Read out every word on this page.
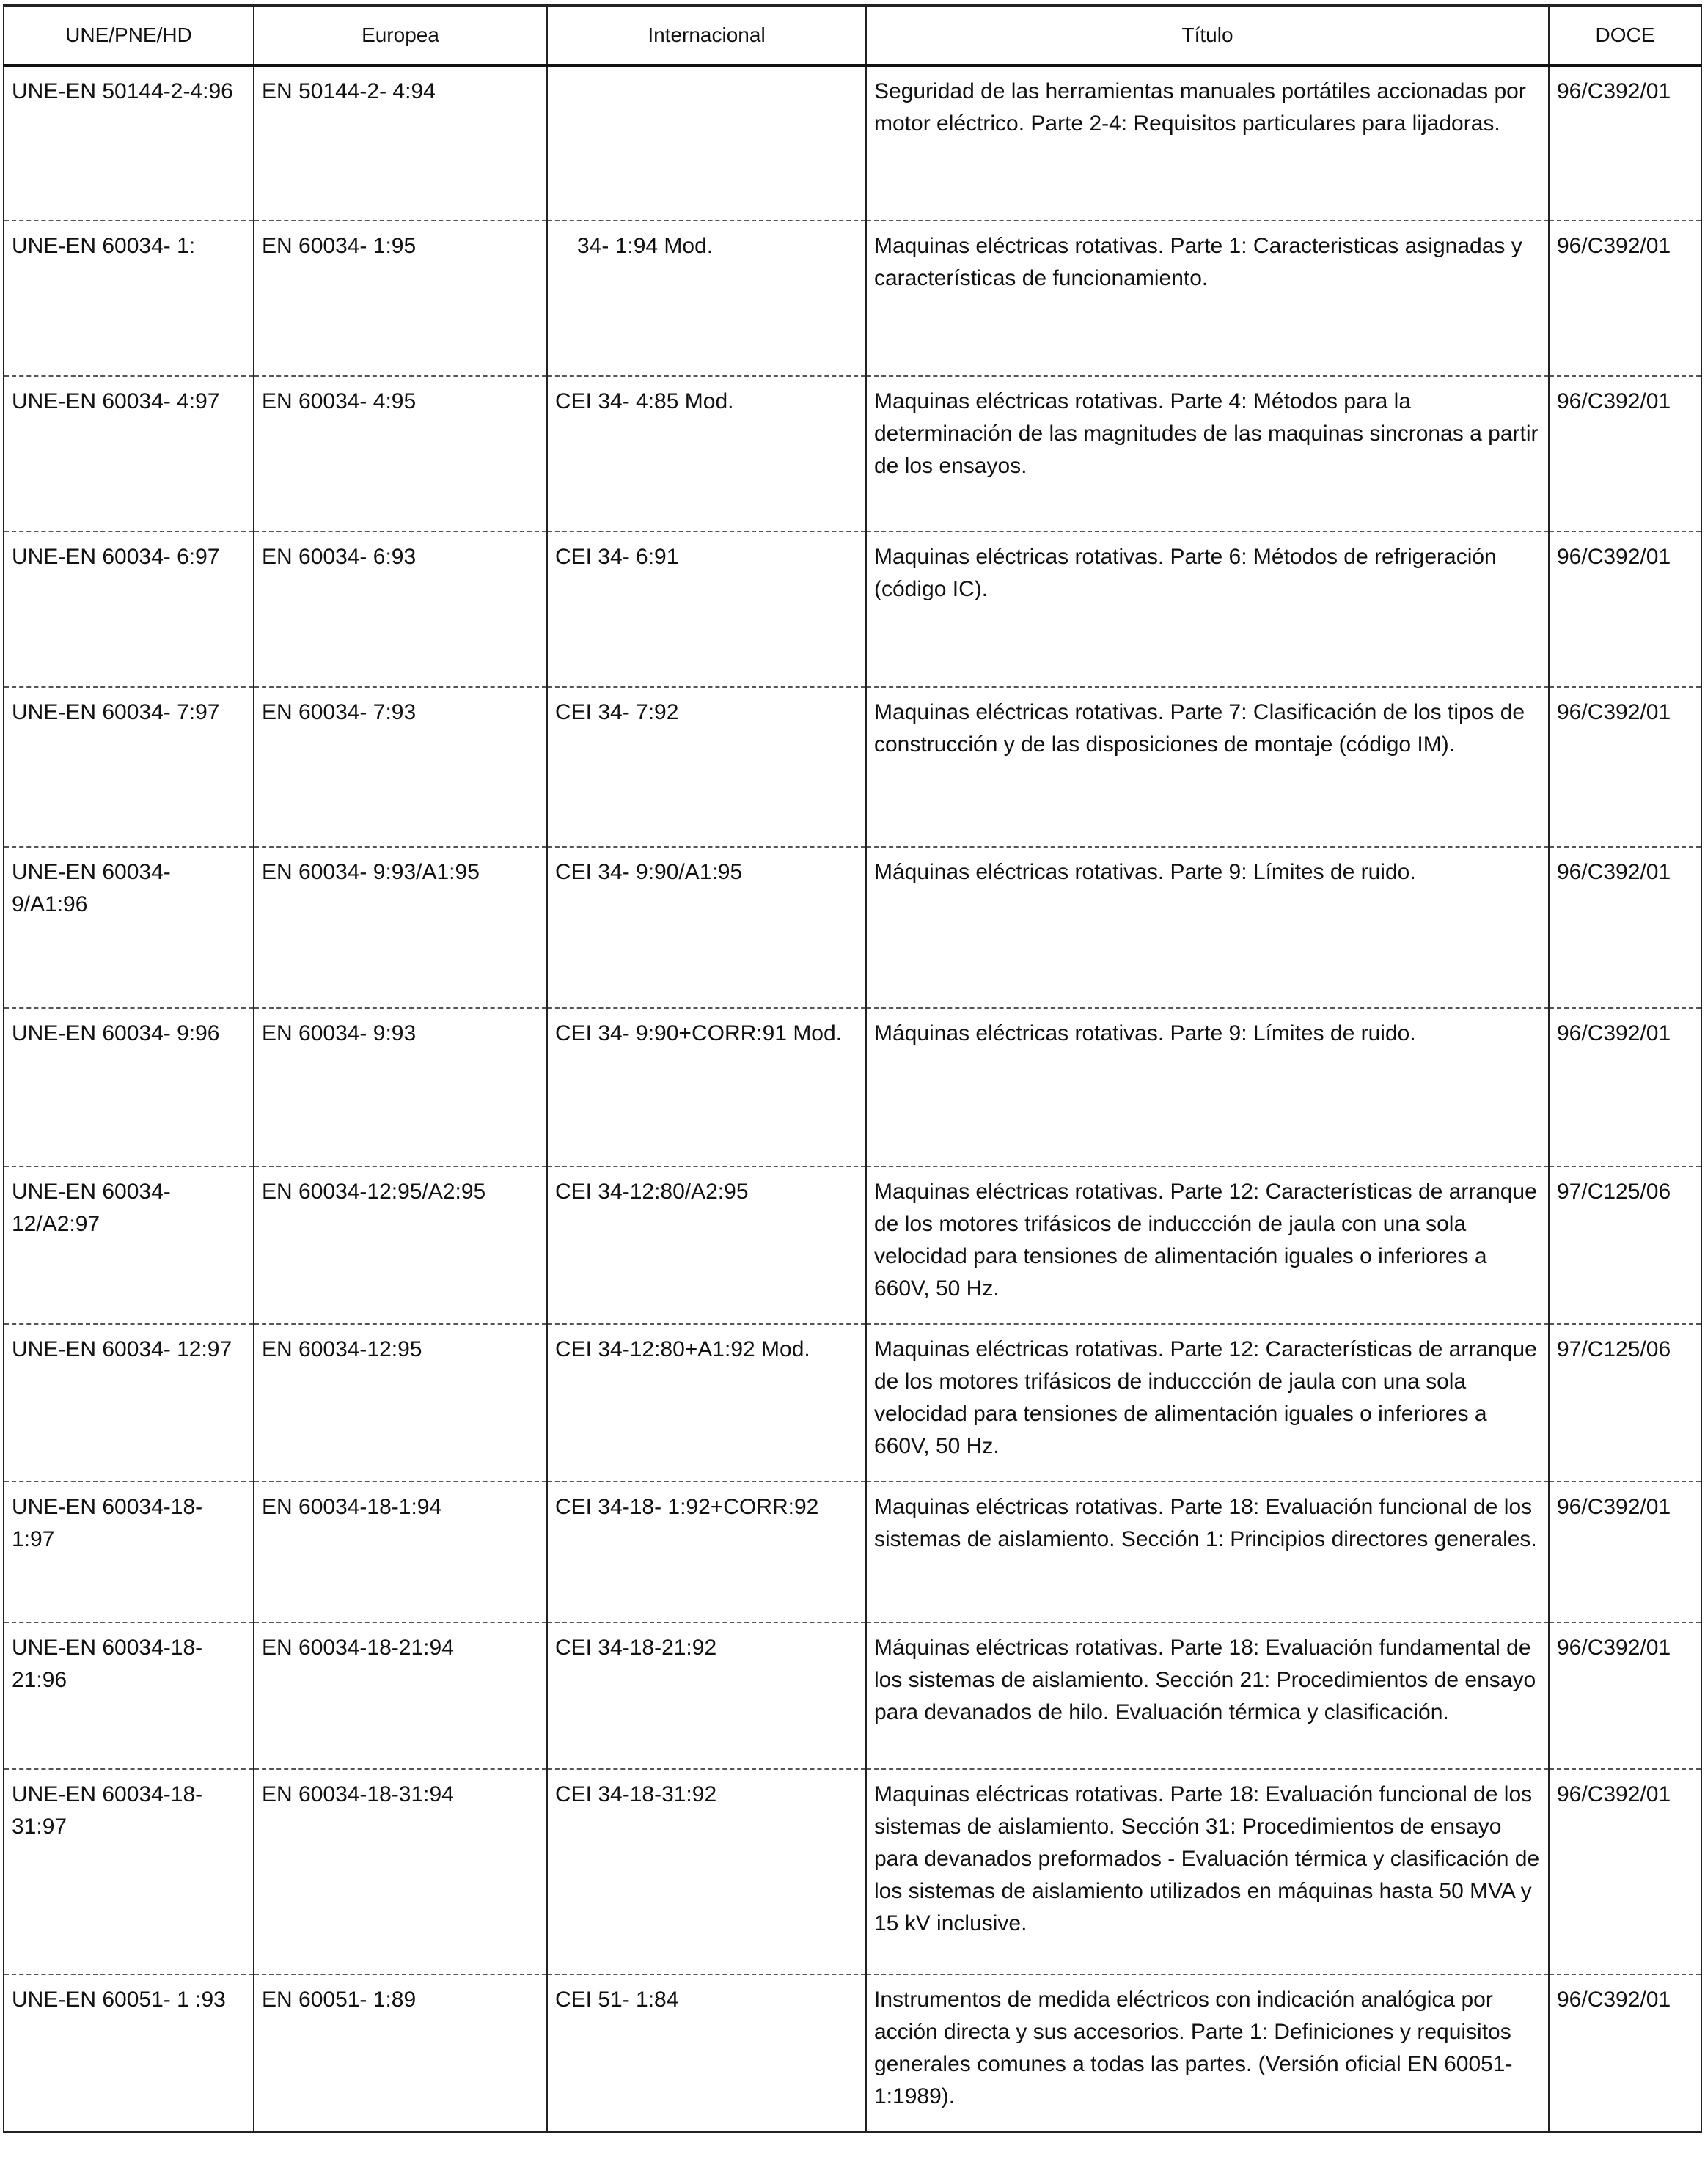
UNE/PNE/HD	Europea	Internacional	Título	DOCE
UNE-EN 50144-2-4:96	EN 50144-2- 4:94		Seguridad de las herramientas manuales portátiles accionadas por motor eléctrico. Parte 2-4: Requisitos particulares para lijadoras.	96/C392/01
UNE-EN 60034- 1:	EN 60034- 1:95	34- 1:94 Mod.	Maquinas eléctricas rotativas. Parte 1: Caracteristicas asignadas y características de funcionamiento.	96/C392/01
UNE-EN 60034- 4:97	EN 60034- 4:95	CEI 34- 4:85 Mod.	Maquinas eléctricas rotativas. Parte 4: Métodos para la determinación de las magnitudes de las maquinas sincronas a partir de los ensayos.	96/C392/01
UNE-EN 60034- 6:97	EN 60034- 6:93	CEI 34- 6:91	Maquinas eléctricas rotativas. Parte 6: Métodos de refrigeración (código IC).	96/C392/01
UNE-EN 60034- 7:97	EN 60034- 7:93	CEI 34- 7:92	Maquinas eléctricas rotativas. Parte 7: Clasificación de los tipos de construcción y de las disposiciones de montaje (código IM).	96/C392/01
UNE-EN 60034- 9/A1:96	EN 60034- 9:93/A1:95	CEI 34- 9:90/A1:95	Máquinas eléctricas rotativas. Parte 9: Límites de ruido.	96/C392/01
UNE-EN 60034- 9:96	EN 60034- 9:93	CEI 34- 9:90+CORR:91 Mod.	Máquinas eléctricas rotativas. Parte 9: Límites de ruido.	96/C392/01
UNE-EN 60034- 12/A2:97	EN 60034-12:95/A2:95	CEI 34-12:80/A2:95	Maquinas eléctricas rotativas. Parte 12: Características de arranque de los motores trifásicos de induccción de jaula con una sola velocidad para tensiones de alimentación iguales o inferiores a 660V, 50 Hz.	97/C125/06
UNE-EN 60034- 12:97	EN 60034-12:95	CEI 34-12:80+A1:92 Mod.	Maquinas eléctricas rotativas. Parte 12: Características de arranque de los motores trifásicos de induccción de jaula con una sola velocidad para tensiones de alimentación iguales o inferiores a 660V, 50 Hz.	97/C125/06
UNE-EN 60034-18- 1:97	EN 60034-18-1:94	CEI 34-18- 1:92+CORR:92	Maquinas eléctricas rotativas. Parte 18: Evaluación funcional de los sistemas de aislamiento. Sección 1: Principios directores generales.	96/C392/01
UNE-EN 60034-18- 21:96	EN 60034-18-21:94	CEI 34-18-21:92	Máquinas eléctricas rotativas. Parte 18: Evaluación fundamental de los sistemas de aislamiento. Sección 21: Procedimientos de ensayo para devanados de hilo. Evaluación térmica y clasificación.	96/C392/01
UNE-EN 60034-18- 31:97	EN 60034-18-31:94	CEI 34-18-31:92	Maquinas eléctricas rotativas. Parte 18: Evaluación funcional de los sistemas de aislamiento. Sección 31: Procedimientos de ensayo para devanados preformados - Evaluación térmica y clasificación de los sistemas de aislamiento utilizados en máquinas hasta 50 MVA y 15 kV inclusive.	96/C392/01
UNE-EN 60051- 1 :93	EN 60051- 1:89	CEI 51- 1:84	Instrumentos de medida eléctricos con indicación analógica por acción directa y sus accesorios. Parte 1: Definiciones y requisitos generales comunes a todas las partes. (Versión oficial EN 60051-1:1989).	96/C392/01
